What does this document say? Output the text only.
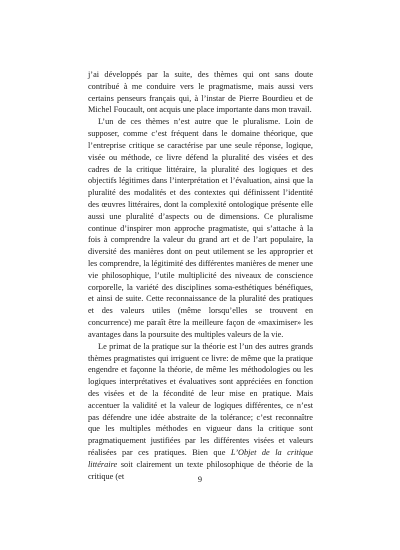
j’ai développés par la suite, des thèmes qui ont sans doute contribué à me conduire vers le pragmatisme, mais aussi vers certains penseurs français qui, à l’instar de Pierre Bourdieu et de Michel Foucault, ont acquis une place importante dans mon travail.

L’un de ces thèmes n’est autre que le pluralisme. Loin de supposer, comme c’est fréquent dans le domaine théorique, que l’entreprise critique se caractérise par une seule réponse, logique, visée ou méthode, ce livre défend la pluralité des visées et des cadres de la critique littéraire, la pluralité des logiques et des objectifs légitimes dans l’interprétation et l’évaluation, ainsi que la pluralité des modalités et des contextes qui définissent l’identité des œuvres littéraires, dont la complexité ontologique présente elle aussi une pluralité d’aspects ou de dimensions. Ce pluralisme continue d’inspirer mon approche pragmatiste, qui s’attache à la fois à comprendre la valeur du grand art et de l’art populaire, la diversité des manières dont on peut utilement se les approprier et les comprendre, la légitimité des différentes manières de mener une vie philosophique, l’utile multiplicité des niveaux de conscience corporelle, la variété des disciplines soma-esthétiques bénéfiques, et ainsi de suite. Cette reconnaissance de la pluralité des pratiques et des valeurs utiles (même lorsqu’elles se trouvent en concurrence) me paraît être la meilleure façon de «maximiser» les avantages dans la poursuite des multiples valeurs de la vie.

Le primat de la pratique sur la théorie est l’un des autres grands thèmes pragmatistes qui irriguent ce livre: de même que la pratique engendre et façonne la théorie, de même les méthodologies ou les logiques interprétatives et évaluatives sont appréciées en fonction des visées et de la fécondité de leur mise en pratique. Mais accentuer la validité et la valeur de logiques différentes, ce n’est pas défendre une idée abstraite de la tolérance; c’est reconnaître que les multiples méthodes en vigueur dans la critique sont pragmatiquement justifiées par les différentes visées et valeurs réalisées par ces pratiques. Bien que L’Objet de la critique littéraire soit clairement un texte philosophique de théorie de la critique (et	9
